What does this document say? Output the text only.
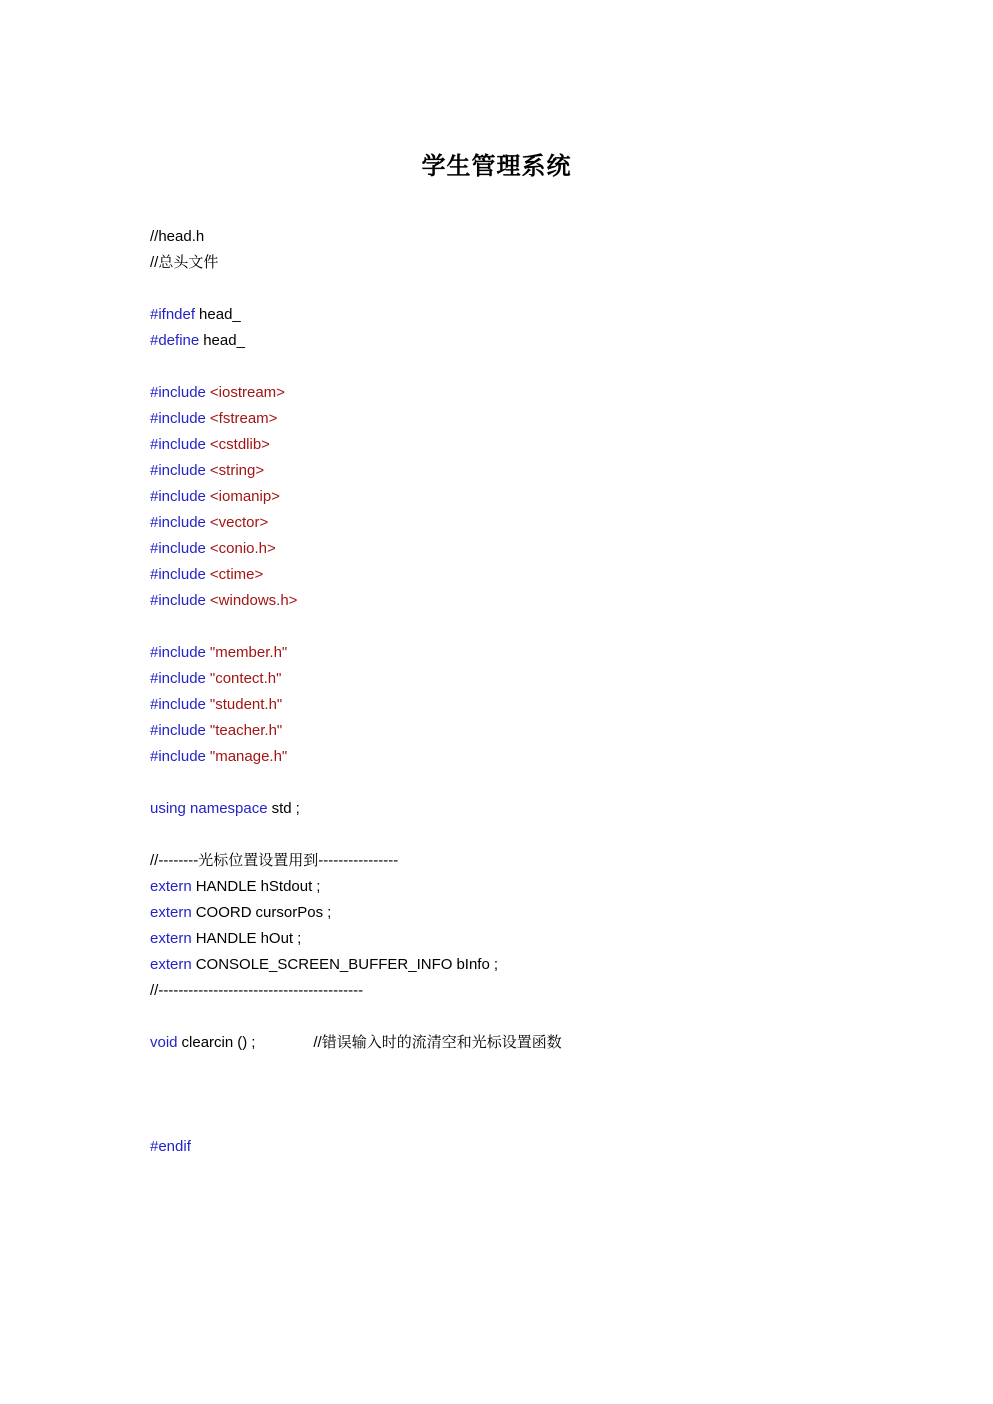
学生管理系统
//head.h
//总头文件
#ifndef head_
#define head_
#include <iostream>
#include <fstream>
#include <cstdlib>
#include <string>
#include <iomanip>
#include <vector>
#include <conio.h>
#include <ctime>
#include <windows.h>
#include "member.h"
#include "contect.h"
#include "student.h"
#include "teacher.h"
#include "manage.h"
using namespace std ;
//--------光标位置设置用到----------------
extern HANDLE hStdout ;
extern COORD cursorPos ;
extern HANDLE hOut ;
extern CONSOLE_SCREEN_BUFFER_INFO bInfo ;
//-----------------------------------------
void clearcin () ;	//错误输入时的流清空和光标设置函数
#endif
